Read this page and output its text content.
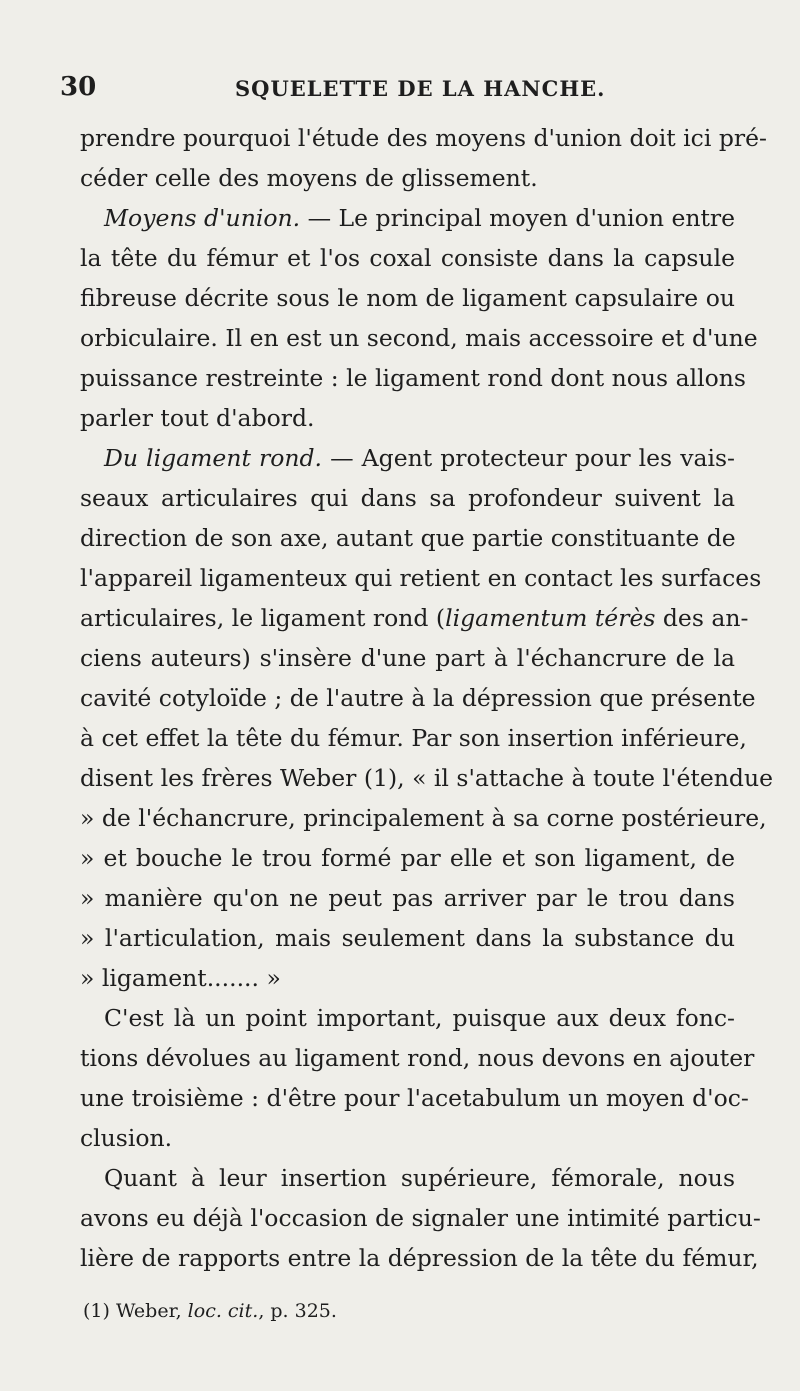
30	SQUELETTE DE LA HANCHE.
prendre pourquoi l'étude des moyens d'union doit ici pré-
céder celle des moyens de glissement.
Moyens d'union. — Le principal moyen d'union entre
la tête du fémur et l'os coxal consiste dans la capsule
fibreuse décrite sous le nom de ligament capsulaire ou
orbiculaire. Il en est un second, mais accessoire et d'une
puissance restreinte : le ligament rond dont nous allons
parler tout d'abord.
Du ligament rond. — Agent protecteur pour les vais-
seaux articulaires qui dans sa profondeur suivent la
direction de son axe, autant que partie constituante de
l'appareil ligamenteux qui retient en contact les surfaces
articulaires, le ligament rond (ligamentum térès des an-
ciens auteurs) s'insère d'une part à l'échancrure de la
cavité cotyloïde ; de l'autre à la dépression que présente
à cet effet la tête du fémur. Par son insertion inférieure,
disent les frères Weber (1), « il s'attache à toute l'étendue
» de l'échancrure, principalement à sa corne postérieure,
» et bouche le trou formé par elle et son ligament, de
» manière qu'on ne peut pas arriver par le trou dans
» l'articulation, mais seulement dans la substance du
» ligament....... »
C'est là un point important, puisque aux deux fonc-
tions dévolues au ligament rond, nous devons en ajouter
une troisième : d'être pour l'acetabulum un moyen d'oc-
clusion.
Quant à leur insertion supérieure, fémorale, nous
avons eu déjà l'occasion de signaler une intimité particu-
lière de rapports entre la dépression de la tête du fémur,
(1) Weber, loc. cit., p. 325.
